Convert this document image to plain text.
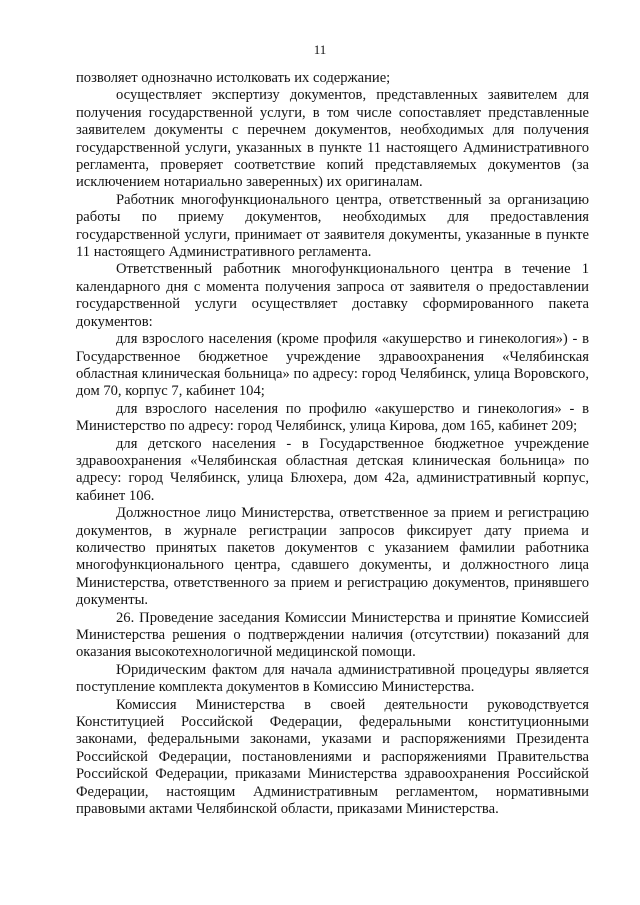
11

позволяет однозначно истолковать их содержание;

осуществляет экспертизу документов, представленных заявителем для получения государственной услуги, в том числе сопоставляет представленные заявителем документы с перечнем документов, необходимых для получения государственной услуги, указанных в пункте 11 настоящего Административного регламента, проверяет соответствие копий представляемых документов (за исключением нотариально заверенных) их оригиналам.

Работник многофункционального центра, ответственный за организацию работы по приему документов, необходимых для предоставления государственной услуги, принимает от заявителя документы, указанные в пункте 11 настоящего Административного регламента.

Ответственный работник многофункционального центра в течение 1 календарного дня с момента получения запроса от заявителя о предоставлении государственной услуги осуществляет доставку сформированного пакета документов:

для взрослого населения (кроме профиля «акушерство и гинекология») - в Государственное бюджетное учреждение здравоохранения «Челябинская областная клиническая больница» по адресу: город Челябинск, улица Воровского, дом 70, корпус 7, кабинет 104;

для взрослого населения по профилю «акушерство и гинекология» - в Министерство по адресу: город Челябинск, улица Кирова, дом 165, кабинет 209;

для детского населения - в Государственное бюджетное учреждение здравоохранения «Челябинская областная детская клиническая больница» по адресу: город Челябинск, улица Блюхера, дом 42а, административный корпус, кабинет 106.

Должностное лицо Министерства, ответственное за прием и регистрацию документов, в журнале регистрации запросов фиксирует дату приема и количество принятых пакетов документов с указанием фамилии работника многофункционального центра, сдавшего документы, и должностного лица Министерства, ответственного за прием и регистрацию документов, принявшего документы.

26. Проведение заседания Комиссии Министерства и принятие Комиссией Министерства решения о подтверждении наличия (отсутствии) показаний для оказания высокотехнологичной медицинской помощи.

Юридическим фактом для начала административной процедуры является поступление комплекта документов в Комиссию Министерства.

Комиссия Министерства в своей деятельности руководствуется Конституцией Российской Федерации, федеральными конституционными законами, федеральными законами, указами и распоряжениями Президента Российской Федерации, постановлениями и распоряжениями Правительства Российской Федерации, приказами Министерства здравоохранения Российской Федерации, настоящим Административным регламентом, нормативными правовыми актами Челябинской области, приказами Министерства.
